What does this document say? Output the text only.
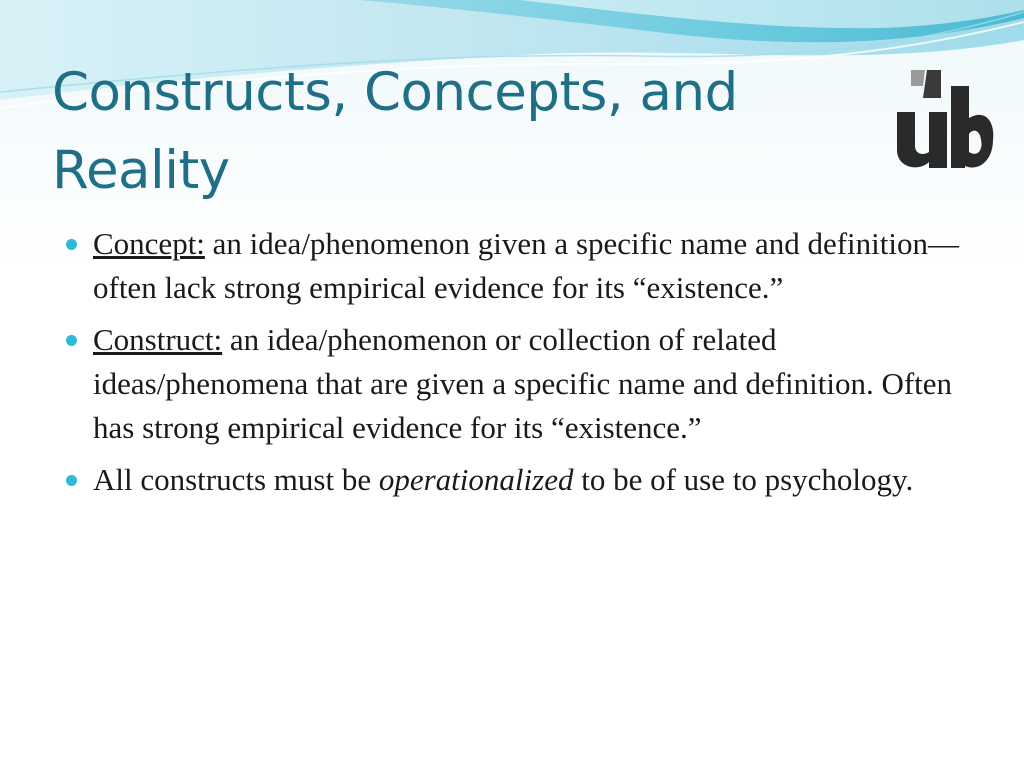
Constructs, Concepts, and Reality
Concept: an idea/phenomenon given a specific name and definition—often lack strong empirical evidence for its “existence.”
Construct: an idea/phenomenon or collection of related ideas/phenomena that are given a specific name and definition. Often has strong empirical evidence for its “existence.”
All constructs must be operationalized to be of use to psychology.
